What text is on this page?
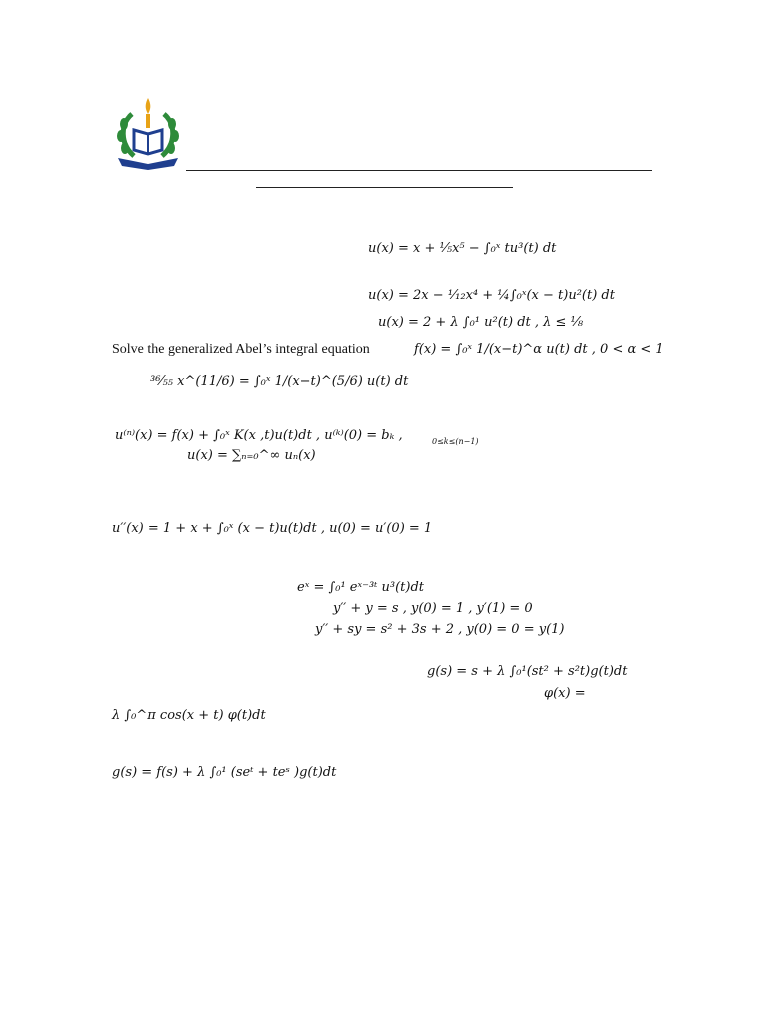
u(x) = x + ⅕x⁵ − ∫₀ˣ tu³(t) dt
u(x) = 2x − ¹⁄₁₂x⁴ + ¼∫₀ˣ(x − t)u²(t) dt
u(x) = 2 + λ ∫₀¹ u²(t) dt , λ ≤ ⅛
Solve the generalized Abel’s integral equation	f(x) = ∫₀ˣ 1/(x−t)^α u(t) dt , 0 < α < 1
³⁶⁄₅₅ x^(11/6) = ∫₀ˣ 1/(x−t)^(5/6) u(t) dt
u⁽ⁿ⁾(x) = f(x) + ∫₀ˣ K(x ,t)u(t)dt , u⁽ᵏ⁾(0) = bₖ ,	0≤k≤(n−1)
u(x) = ∑ₙ₌₀^∞ uₙ(x)
u′′(x) = 1 + x + ∫₀ˣ (x − t)u(t)dt , u(0) = u′(0) = 1
eˣ = ∫₀¹ eˣ⁻³ᵗ u³(t)dt
y′′ + y = s , y(0) = 1 , y′(1) = 0
y′′ + sy = s² + 3s + 2 , y(0) = 0 = y(1)
g(s) = s + λ ∫₀¹(st² + s²t)g(t)dt
φ(x) =
λ ∫₀^π cos(x + t) φ(t)dt
g(s) = f(s) + λ ∫₀¹ (seᵗ + teˢ )g(t)dt
